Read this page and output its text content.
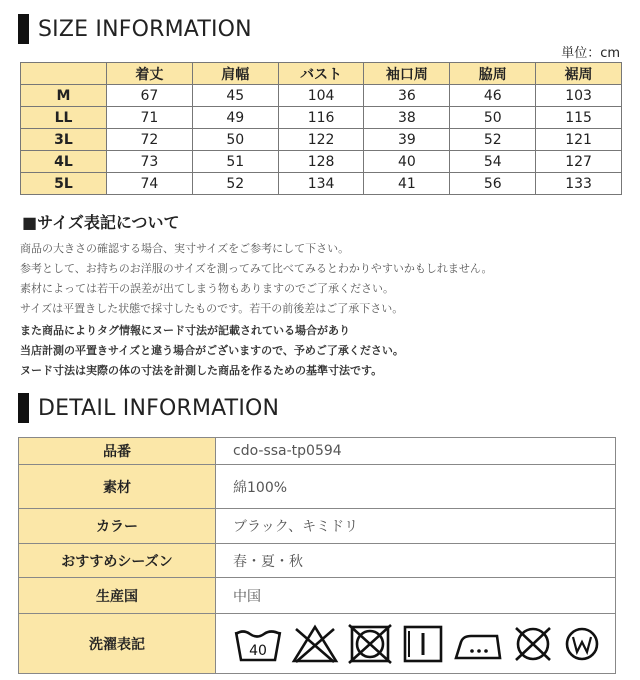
SIZE INFORMATION
単位：cm
	着丈	肩幅	バスト	袖口周	脇周	裾周
M	67	45	104	36	46	103
LL	71	49	116	38	50	115
3L	72	50	122	39	52	121
4L	73	51	128	40	54	127
5L	74	52	134	41	56	133
■サイズ表記について
商品の大きさの確認する場合、実寸サイズをご参考にして下さい。
参考として、お持ちのお洋服のサイズを測ってみて比べてみるとわかりやすいかもしれません。
素材によっては若干の誤差が出てしまう物もありますのでご了承ください。
サイズは平置きした状態で採寸したものです。若干の前後差はご了承下さい。
また商品によりタグ情報にヌード寸法が記載されている場合があり
当店計測の平置きサイズと違う場合がございますので、予めご了承ください。
ヌード寸法は実際の体の寸法を計測した商品を作るための基準寸法です。
DETAIL INFORMATION
品番	cdo-ssa-tp0594
素材	綿100%
カラー	ブラック、キミドリ
おすすめシーズン	春・夏・秋
生産国	中国
洗濯表記	40
